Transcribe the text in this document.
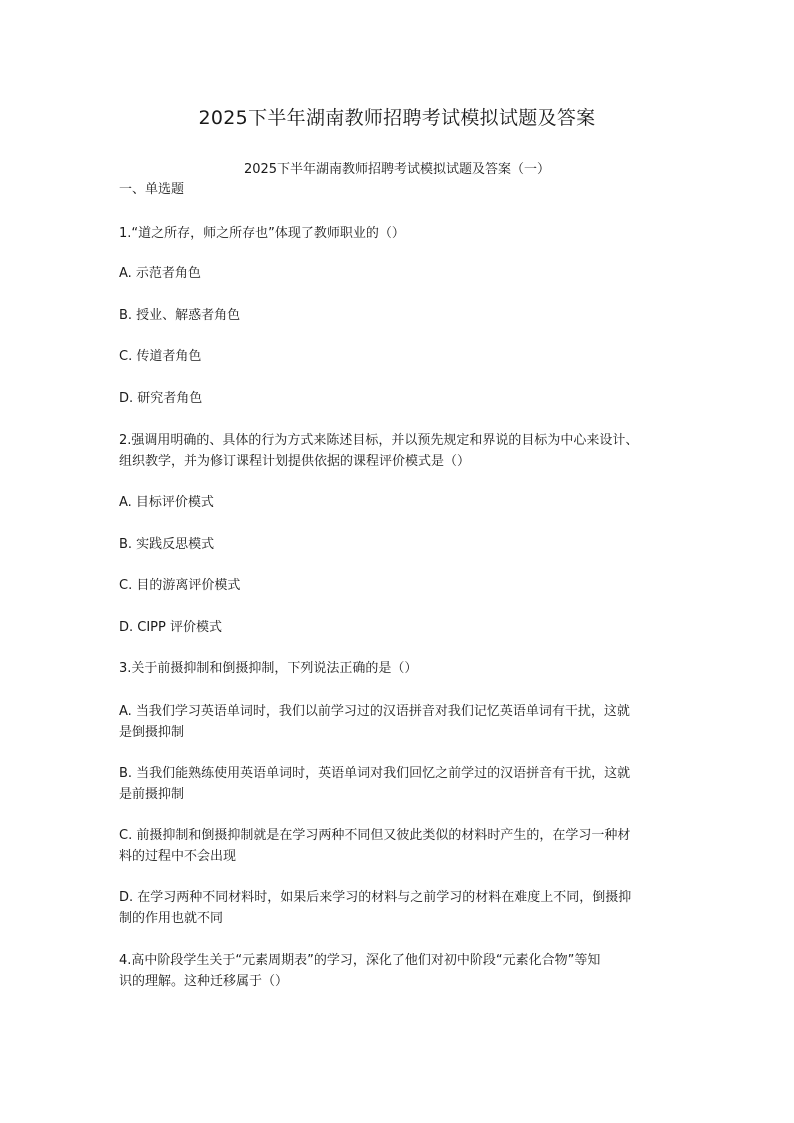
2025下半年湖南教师招聘考试模拟试题及答案
2025下半年湖南教师招聘考试模拟试题及答案（一）
一、单选题
1.“道之所存，师之所存也”体现了教师职业的（）
A. 示范者角色
B. 授业、解惑者角色
C. 传道者角色
D. 研究者角色
2.强调用明确的、具体的行为方式来陈述目标，并以预先规定和界说的目标为中心来设计、
组织教学，并为修订课程计划提供依据的课程评价模式是（）
A. 目标评价模式
B. 实践反思模式
C. 目的游离评价模式
D. CIPP 评价模式
3.关于前摄抑制和倒摄抑制，下列说法正确的是（）
A. 当我们学习英语单词时，我们以前学习过的汉语拼音对我们记忆英语单词有干扰，这就
是倒摄抑制
B. 当我们能熟练使用英语单词时，英语单词对我们回忆之前学过的汉语拼音有干扰，这就
是前摄抑制
C. 前摄抑制和倒摄抑制就是在学习两种不同但又彼此类似的材料时产生的，在学习一种材
料的过程中不会出现
D. 在学习两种不同材料时，如果后来学习的材料与之前学习的材料在难度上不同，倒摄抑
制的作用也就不同
4.高中阶段学生关于“元素周期表”的学习，深化了他们对初中阶段“元素化合物”等知
识的理解。这种迁移属于（）
